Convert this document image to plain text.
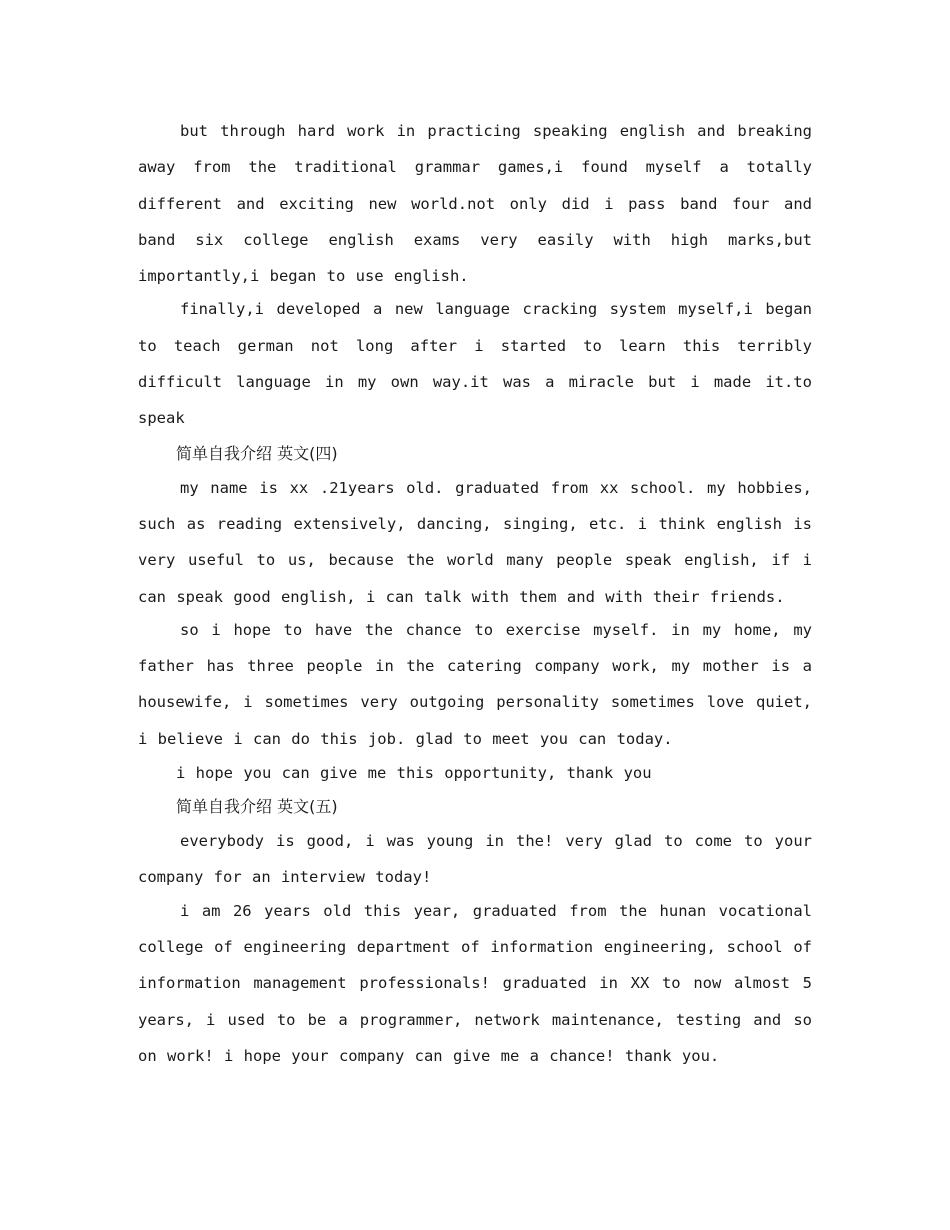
but through hard work in practicing speaking english and breaking away from the traditional grammar games,i found myself a totally different and exciting new world.not only did i pass band four and band six college english exams very easily with high marks,but importantly,i began to use english.

finally,i developed a new language cracking system myself,i began to teach german not long after i started to learn this terribly difficult language in my own way.it was a miracle but i made it.to speak

简单自我介绍 英文(四)

my name is xx .21years old. graduated from xx school. my hobbies, such as reading extensively, dancing, singing, etc. i think english is very useful to us, because the world many people speak english, if i can speak good english, i can talk with them and with their friends.

so i hope to have the chance to exercise myself. in my home, my father has three people in the catering company work, my mother is a housewife, i sometimes very outgoing personality sometimes love quiet, i believe i can do this job. glad to meet you can today.

i hope you can give me this opportunity, thank you

简单自我介绍 英文(五)

everybody is good, i was young in the! very glad to come to your company for an interview today!

i am 26 years old this year, graduated from the hunan vocational college of engineering department of information engineering, school of information management professionals! graduated in XX to now almost 5 years, i used to be a programmer, network maintenance, testing and so on work! i hope your company can give me a chance! thank you.
